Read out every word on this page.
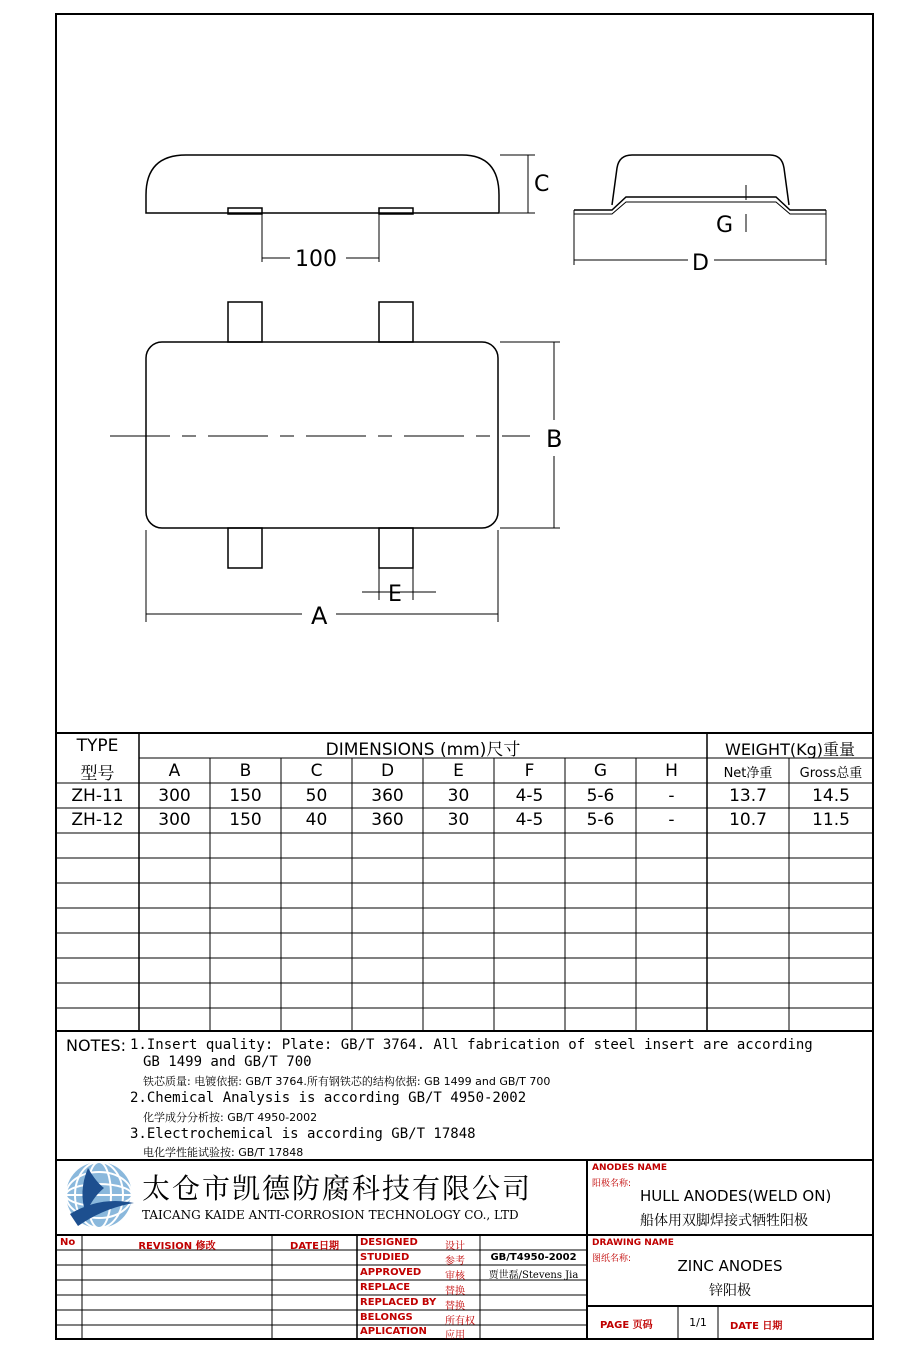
100
C
G
D
B
E
A
TYPE
型号
DIMENSIONS (mm)尺寸	WEIGHT(Kg)重量
Net净重	Gross总重
A	B	C	D	E	F	G	H
ZH-11	300	150	50	360	30	4-5	5-6	-	13.7	14.5
ZH-12	300	150	40	360	30	4-5	5-6	-	10.7	11.5
NOTES: 1.Insert quality: Plate: GB/T 3764. All fabrication of steel insert are according
GB 1499 and GB/T 700
铁芯质量: 电镀依据: GB/T 3764.所有钢铁芯的结构依据: GB 1499 and GB/T 700
2.Chemical Analysis is according GB/T 4950-2002
化学成分分析按: GB/T 4950-2002
3.Electrochemical is according GB/T 17848
电化学性能试验按: GB/T 17848
太仓市凯德防腐科技有限公司
TAICANG KAIDE ANTI-CORROSION TECHNOLOGY CO., LTD
ANODES NAME
阳极名称:
HULL ANODES(WELD ON)
船体用双脚焊接式牺牲阳极
DRAWING NAME
图纸名称:	ZINC ANODES
锌阳极
PAGE 页码	1/1	DATE 日期
No	REVISION 修改	DATE日期	DESIGNED	设计
STUDIED	参考	GB/T4950-2002
APPROVED 审核	贾世磊/Stevens Jia
REPLACE	替换
REPLACED BY 替换
BELONGS	所有权
APLICATION 应用
